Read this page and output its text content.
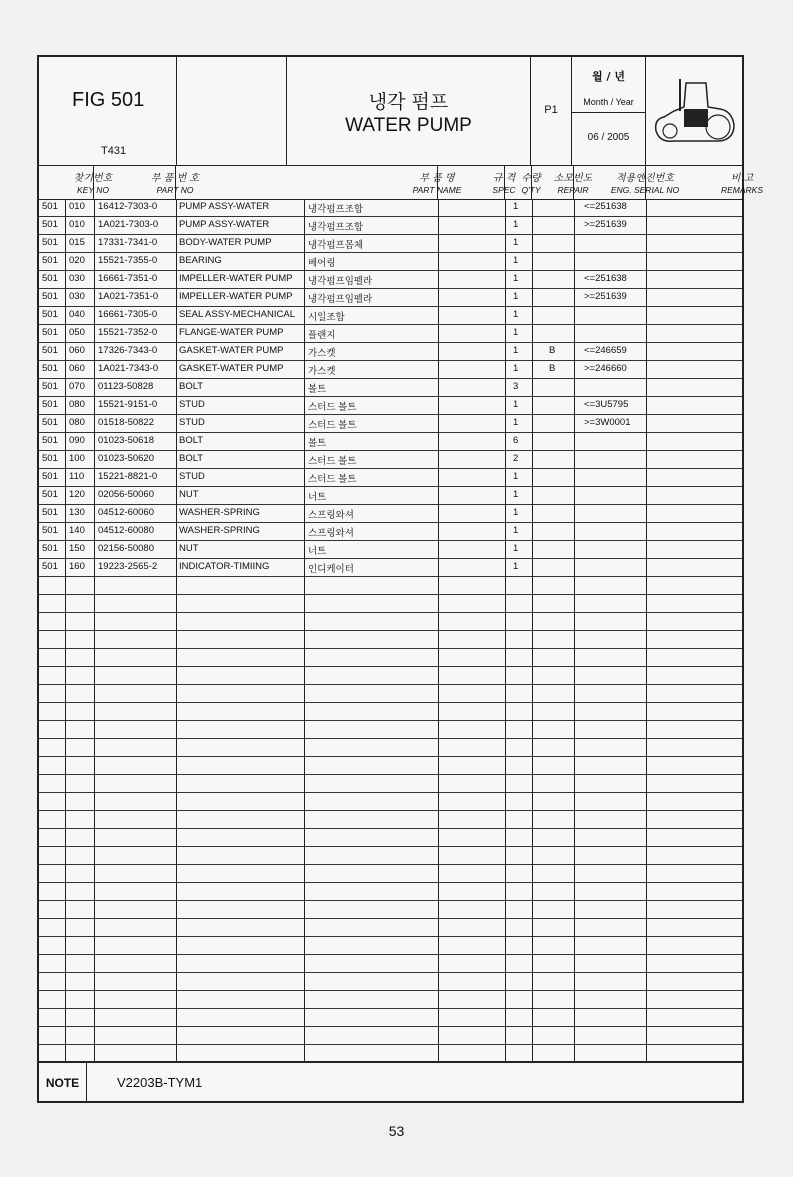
FIG 501
T431
냉각 펌프
WATER PUMP
P1
월 / 년
Month / Year
06 / 2005
찾기번호
KEY NO
부 품 번 호
PART NO
부 품 명
PART NAME
규 격
SPEC
수량
Q'TY
소모빈도
REPAIR
적용엔진번호
ENG. SERIAL NO
비 고
REMARKS
501 160 19223-2565-2 INDICATOR-TIMIING	인디케이터	1
501 150 02156-50080	NUT	너트	1
501 140 04512-60080	WASHER-SPRING	스프링와셔	1
501 130 04512-60060	WASHER-SPRING	스프링와셔	1
501 120 02056-50060	NUT	너트	1
501 110 15221-8821-0 STUD	스터드 볼트	1
501 100 01023-50620	BOLT	스터드 볼트	2
501 090 01023-50618	BOLT	볼트	6
501 080 01518-50822	STUD	스터드 볼트	1	>=3W0001
501 080 15521-9151-0 STUD	스터드 볼트	1	<=3U5795
501 070 01123-50828	BOLT	볼트	3
501 060 1A021-7343-0 GASKET-WATER PUMP	가스켓	1	B	>=246660
501 060 17326-7343-0 GASKET-WATER PUMP	가스켓	1	B	<=246659
501 050 15521-7352-0 FLANGE-WATER PUMP	플랜지	1
501 040 16661-7305-0 SEAL ASSY-MECHANICAL 시일조합	1
501 030 1A021-7351-0 IMPELLER-WATER PUMP 냉각펌프임펠라	1	>=251639
501 030 16661-7351-0 IMPELLER-WATER PUMP 냉각펌프임펠라	1	<=251638
501 020 15521-7355-0 BEARING	베어링	1
501 015 17331-7341-0 BODY-WATER PUMP	냉각펌프몸체	1
501 010 1A021-7303-0 PUMP ASSY-WATER	냉각펌프조합	1	>=251639
501 010 16412-7303-0 PUMP ASSY-WATER	냉각펌프조합	1	<=251638
NOTE	V2203B-TYM1
53
